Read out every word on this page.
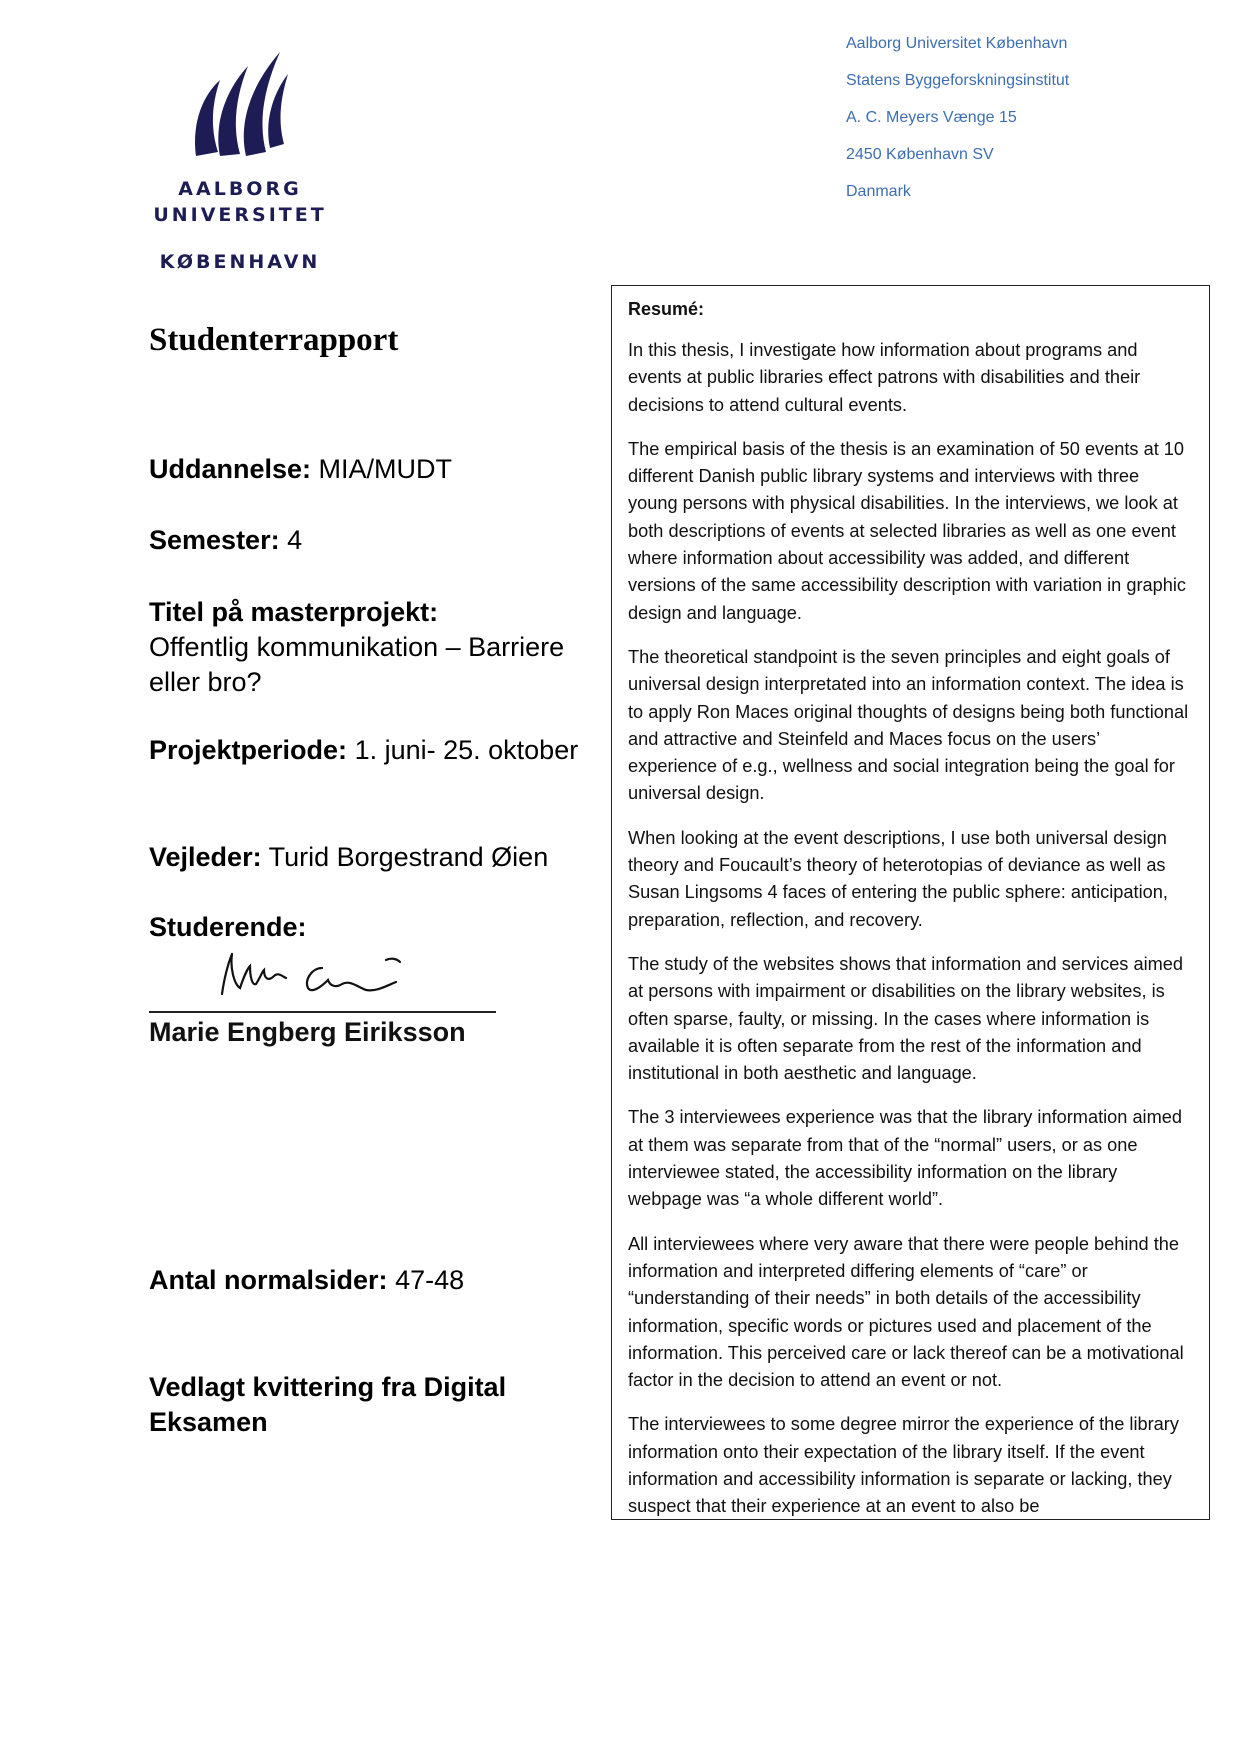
AALBORG
UNIVERSITET
KØBENHAVN
Aalborg Universitet København
Statens Byggeforskningsinstitut
A. C. Meyers Vænge 15
2450 København SV
Danmark
Studenterrapport
Uddannelse: MIA/MUDT
Semester: 4
Titel på masterprojekt:
Offentlig kommunikation – Barriere eller bro?
Projektperiode: 1. juni- 25. oktober
Vejleder: Turid Borgestrand Øien
Studerende:
Marie Engberg Eiriksson
Antal normalsider: 47-48
Vedlagt kvittering fra Digital Eksamen
Resumé:

In this thesis, I investigate how information about programs and events at public libraries effect patrons with disabilities and their decisions to attend cultural events.

The empirical basis of the thesis is an examination of 50 events at 10 different Danish public library systems and interviews with three young persons with physical disabilities. In the interviews, we look at both descriptions of events at selected libraries as well as one event where information about accessibility was added, and different versions of the same accessibility description with variation in graphic design and language.

The theoretical standpoint is the seven principles and eight goals of universal design interpretated into an information context. The idea is to apply Ron Maces original thoughts of designs being both functional and attractive and Steinfeld and Maces focus on the users’ experience of e.g., wellness and social integration being the goal for universal design.

When looking at the event descriptions, I use both universal design theory and Foucault’s theory of heterotopias of deviance as well as Susan Lingsoms 4 faces of entering the public sphere: anticipation, preparation, reflection, and recovery.

The study of the websites shows that information and services aimed at persons with impairment or disabilities on the library websites, is often sparse, faulty, or missing. In the cases where information is available it is often separate from the rest of the information and institutional in both aesthetic and language.

The 3 interviewees experience was that the library information aimed at them was separate from that of the “normal” users, or as one interviewee stated, the accessibility information on the library webpage was “a whole different world”.

All interviewees where very aware that there were people behind the information and interpreted differing elements of “care” or “understanding of their needs” in both details of the accessibility information, specific words or pictures used and placement of the information. This perceived care or lack thereof can be a motivational factor in the decision to attend an event or not.

The interviewees to some degree mirror the experience of the library information onto their expectation of the library itself. If the event information and accessibility information is separate or lacking, they suspect that their experience at an event to also be
